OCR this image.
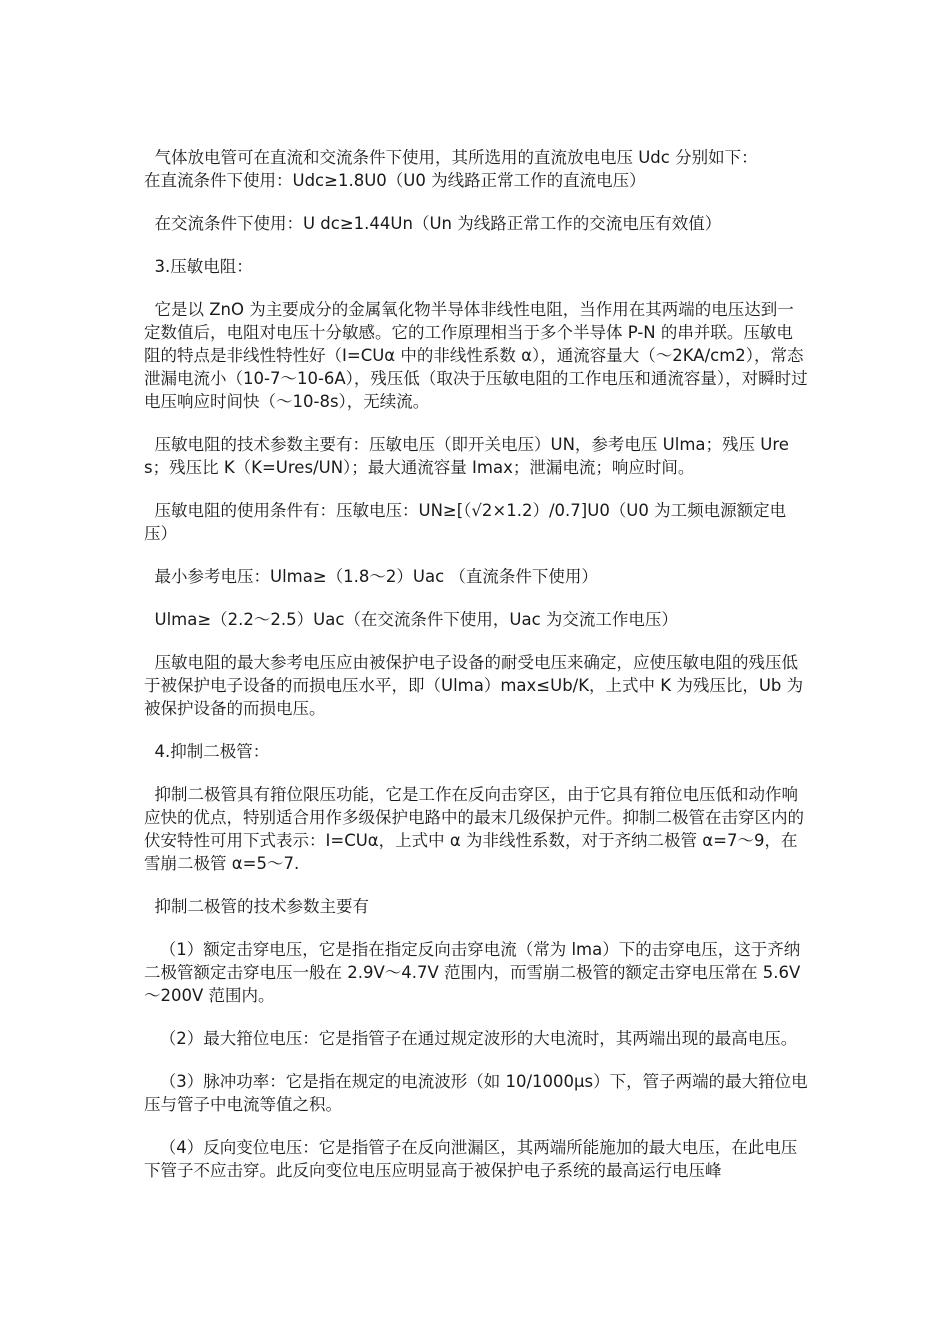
气体放电管可在直流和交流条件下使用，其所选用的直流放电电压 Udc 分别如下：

在直流条件下使用：Udc≥1.8U0（U0 为线路正常工作的直流电压）

在交流条件下使用：U dc≥1.44Un（Un 为线路正常工作的交流电压有效值）

3.压敏电阻：

它是以 ZnO 为主要成分的金属氧化物半导体非线性电阻，当作用在其两端的电压达到一定数值后，电阻对电压十分敏感。它的工作原理相当于多个半导体 P-N 的串并联。压敏电阻的特点是非线性特性好（I=CUα 中的非线性系数 α），通流容量大（～2KA/cm2），常态泄漏电流小（10-7～10-6A），残压低（取决于压敏电阻的工作电压和通流容量），对瞬时过电压响应时间快（～10-8s），无续流。

压敏电阻的技术参数主要有：压敏电压（即开关电压）UN，参考电压 Ulma；残压 Ures；残压比 K（K=Ures/UN）；最大通流容量 Imax；泄漏电流；响应时间。

压敏电阻的使用条件有：压敏电压：UN≥[（√2×1.2）/0.7]U0（U0 为工频电源额定电压）

最小参考电压：Ulma≥（1.8～2）Uac （直流条件下使用）

Ulma≥（2.2～2.5）Uac（在交流条件下使用，Uac 为交流工作电压）

压敏电阻的最大参考电压应由被保护电子设备的耐受电压来确定，应使压敏电阻的残压低于被保护电子设备的而损电压水平，即（Ulma）max≤Ub/K，上式中 K 为残压比，Ub 为被保护设备的而损电压。

4.抑制二极管：

抑制二极管具有箝位限压功能，它是工作在反向击穿区，由于它具有箝位电压低和动作响应快的优点，特别适合用作多级保护电路中的最末几级保护元件。抑制二极管在击穿区内的伏安特性可用下式表示：I=CUα，上式中 α 为非线性系数，对于齐纳二极管 α=7～9，在雪崩二极管 α=5～7.

抑制二极管的技术参数主要有

（1）额定击穿电压，它是指在指定反向击穿电流（常为 lma）下的击穿电压，这于齐纳二极管额定击穿电压一般在 2.9V～4.7V 范围内，而雪崩二极管的额定击穿电压常在 5.6V～200V 范围内。

（2）最大箝位电压：它是指管子在通过规定波形的大电流时，其两端出现的最高电压。

（3）脉冲功率：它是指在规定的电流波形（如 10/1000μs）下，管子两端的最大箝位电压与管子中电流等值之积。

（4）反向变位电压：它是指管子在反向泄漏区，其两端所能施加的最大电压，在此电压下管子不应击穿。此反向变位电压应明显高于被保护电子系统的最高运行电压峰
